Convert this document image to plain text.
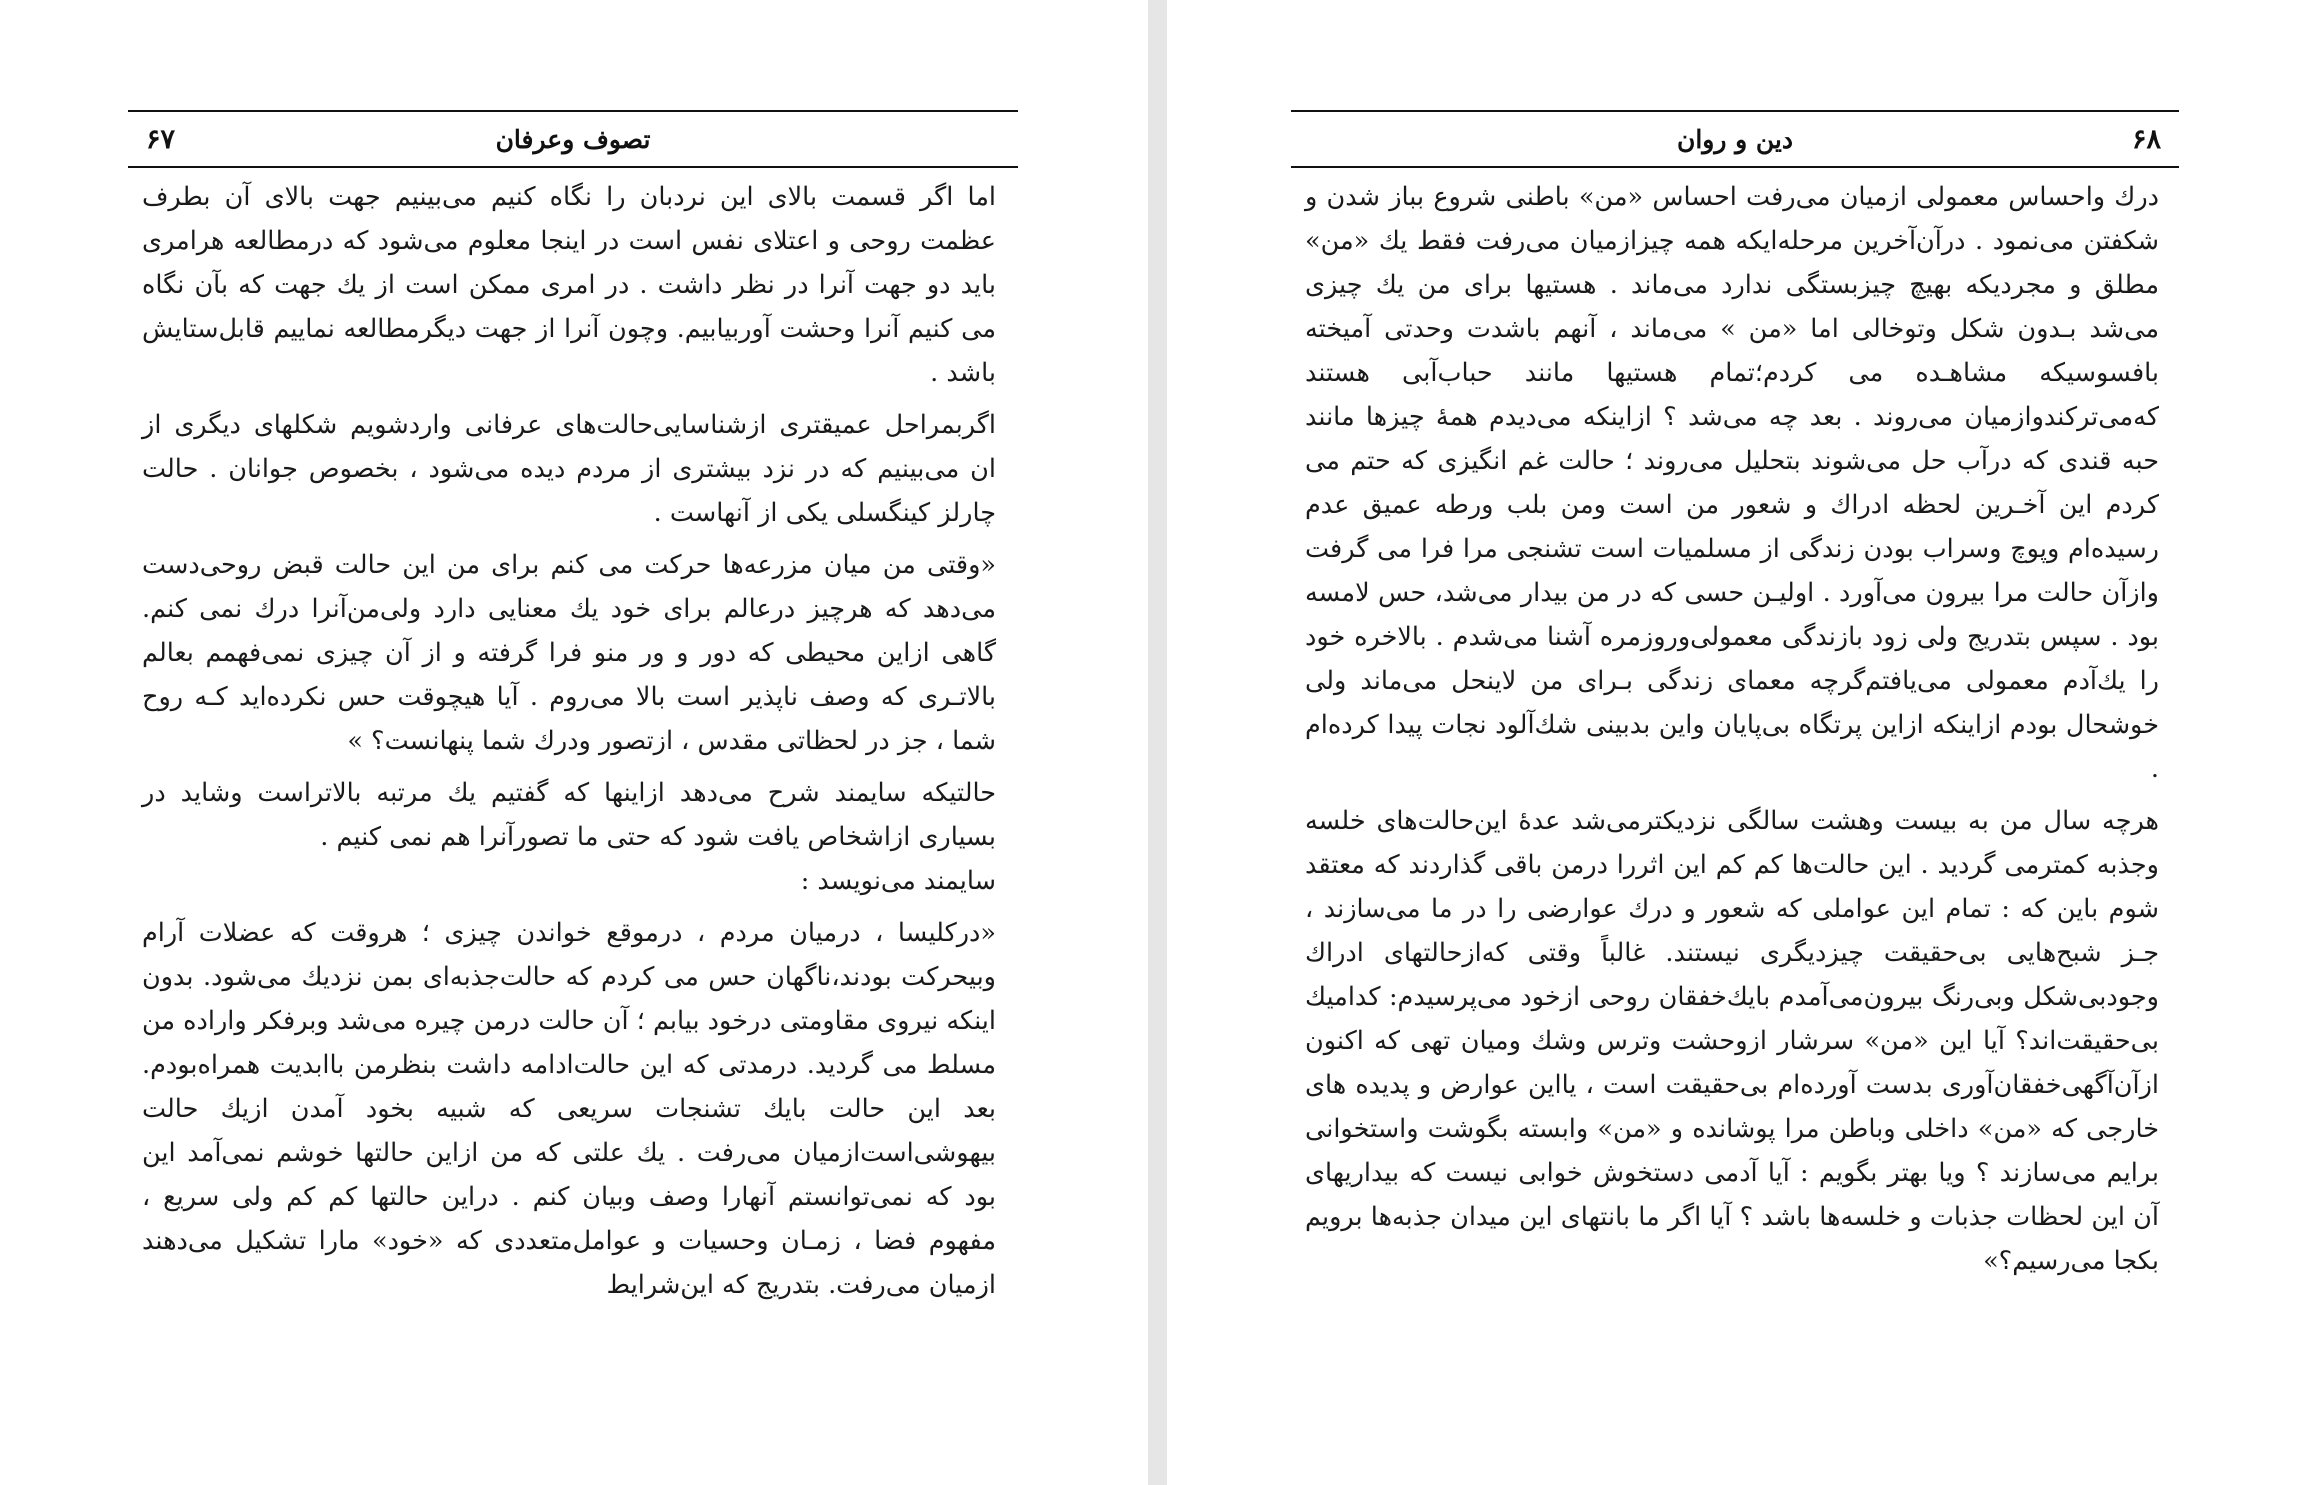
تصوف وعرفان
۶۷

اما اگر قسمت بالای این نردبان را نگاه کنیم می‌بینیم جهت بالای آن بطرف عظمت روحی و اعتلای نفس است در اینجا معلوم می‌شود که درمطالعه هرامری باید دو جهت آنرا در نظر داشت . در امری ممکن است از یك جهت که بآن نگاه می کنیم آنرا وحشت آوربیابیم. وچون آنرا از جهت دیگرمطالعه نماییم قابل‌ستایش باشد .

اگربمراحل عمیقتری ازشناسایی‌حالت‌های عرفانی واردشویم شکلهای دیگری از ان می‌بینیم که در نزد بیشتری از مردم دیده می‌شود ، بخصوص جوانان . حالت چارلز کینگسلی یکی از آنهاست .

«وقتی من میان مزرعه‌ها حرکت می کنم برای من این حالت قبض روحی‌دست می‌دهد که هرچیز درعالم برای خود یك معنایی دارد ولی‌من‌آنرا درك نمی کنم. گاهی ازاین محیطی که دور و ور منو فرا گرفته و از آن چیزی نمی‌فهمم بعالم بالاتـری که وصف ناپذیر است بالا می‌روم . آیا هیچوقت حس نکرده‌اید کـه روح شما ، جز در لحظاتی مقدس ، ازتصور ودرك شما پنهانست؟ »

حالتیکه سایمند شرح می‌دهد ازاینها که گفتیم یك مرتبه بالاتراست وشاید در بسیاری ازاشخاص یافت شود که حتی ما تصورآنرا هم نمی کنیم .

سایمند می‌نویسد :

«درکلیسا ، درمیان مردم ، درموقع خواندن چیزی ؛ هروقت که عضلات آرام وبیحرکت بودند،ناگهان حس می کردم که حالت‌جذبه‌ای بمن نزدیك می‌شود. بدون اینکه نیروی مقاومتی درخود بیابم ؛ آن حالت درمن چیره می‌شد وبرفکر واراده من مسلط می گردید. درمدتی که این حالت‌ادامه داشت بنظرمن باابدیت همراه‌بودم. بعد این حالت بایك تشنجات سریعی که شبیه بخود آمدن ازیك حالت بیهوشی‌است‌ازمیان می‌رفت . یك علتی که من ازاین حالتها خوشم نمی‌آمد این بود که نمی‌توانستم آنهارا وصف وبیان کنم . دراین حالتها کم کم ولی سریع ، مفهوم فضا ، زمـان وحسیات و عوامل‌متعددی که «خود» مارا تشکیل می‌دهند ازمیان می‌رفت. بتدریج که این‌شرایط

دین و روان	۶۸

درك واحساس معمولی ازمیان می‌رفت احساس «من» باطنی شروع بباز شدن و شکفتن می‌نمود . درآن‌آخرین مرحله‌ایکه همه چیزازمیان می‌رفت فقط یك «من» مطلق و مجردیکه بهیچ چیزبستگی ندارد می‌ماند . هستیها برای من یك چیزی می‌شد بـدون شکل وتوخالی اما «من » می‌ماند ، آنهم باشدت وحدتی آمیخته بافسوسیکه مشاهـده می کردم؛تمام هستیها مانند حباب‌آبی هستند که‌می‌ترکندوازمیان می‌روند . بعد چه می‌شد ؟ ازاینکه می‌دیدم همهٔ چیزها مانند حبه قندی که درآب حل می‌شوند بتحلیل می‌روند ؛ حالت غم انگیزی که حتم می کردم این آخـرین لحظه ادراك و شعور من است ومن بلب ورطه عمیق عدم رسیده‌ام وپوچ وسراب بودن زندگی از مسلمیات است تشنجی مرا فرا می گرفت وازآن حالت مرا بیرون می‌آورد . اولیـن حسی که در من بیدار می‌شد، حس لامسه بود . سپس بتدریج ولی زود بازندگی معمولی‌وروزمره آشنا می‌شدم . بالاخره خود را یك‌آدم معمولی می‌یافتم‌گرچه معمای زندگی بـرای من لاینحل می‌ماند ولی خوشحال بودم ازاینکه ازاین پرتگاه بی‌پایان واین بدبینی شك‌آلود نجات پیدا کرده‌ام .

هرچه سال من به بیست وهشت سالگی نزدیکترمی‌شد عدهٔ این‌حالت‌های خلسه وجذبه کمترمی گردید . این حالت‌ها کم کم این اثررا درمن باقی گذاردند که معتقد شوم باین که : تمام این عواملی که شعور و درك عوارضی را در ما می‌سازند ، جـز شبح‌هایی بی‌حقیقت چیزدیگری نیستند. غالباً وقتی کەازحالتهای ادراك وجودبی‌شکل وبی‌رنگ بیرون‌می‌آمدم بایك‌خفقان روحی ازخود می‌پرسیدم: کدامیك بی‌حقیقت‌اند؟ آیا این «من» سرشار ازوحشت وترس وشك ومیان تهی که اکنون ازآن‌آگهی‌خفقان‌آوری بدست آورده‌ام بی‌حقیقت است ، یااین عوارض و پدیده های خارجی که «من» داخلی وباطن مرا پوشانده و «من» وابسته بگوشت واستخوانی برایم می‌سازند ؟ ویا بهتر بگویم : آیا آدمی دستخوش خوابی نیست که بیداریهای آن این لحظات جذبات و خلسه‌ها باشد ؟ آیا اگر ما بانتهای این میدان جذبه‌ها برویم بکجا می‌رسیم؟»
